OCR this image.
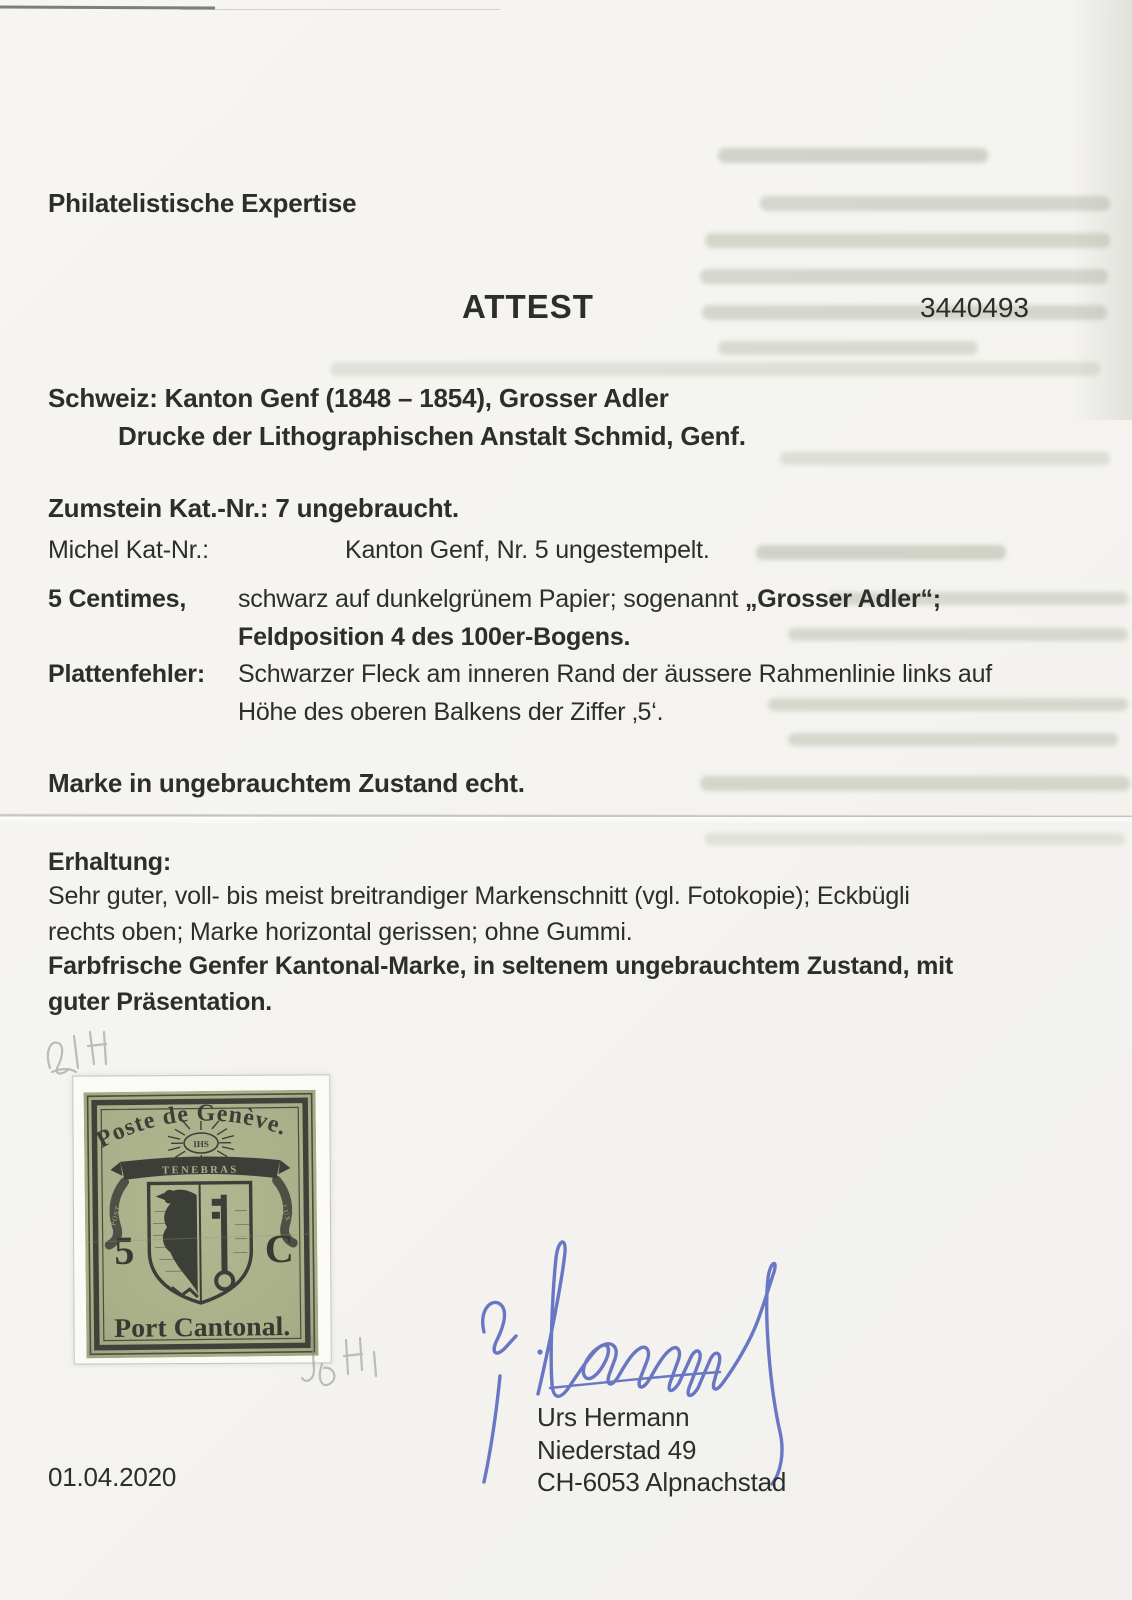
Philatelistische Expertise
ATTEST	3440493
Schweiz: Kanton Genf (1848 – 1854), Grosser Adler
Drucke der Lithographischen Anstalt Schmid, Genf.
Zumstein Kat.-Nr.: 7 ungebraucht.
Michel Kat-Nr.:	Kanton Genf, Nr. 5 ungestempelt.
5 Centimes, schwarz auf dunkelgrünem Papier; sogenannt „Grosser Adler“;
Feldposition 4 des 100er-Bogens.
Plattenfehler: Schwarzer Fleck am inneren Rand der äussere Rahmenlinie links auf
Höhe des oberen Balkens der Ziffer ‚5‘.
Marke in ungebrauchtem Zustand echt.
Erhaltung:
Sehr guter, voll- bis meist breitrandiger Markenschnitt (vgl. Fotokopie); Eckbügli
rechts oben; Marke horizontal gerissen; ohne Gummi.
Farbfrische Genfer Kantonal-Marke, in seltenem ungebrauchtem Zustand, mit
guter Präsentation.
Poste de Genève.
IHS
TENEBRAS
POST	LUX
5	C
Port Cantonal.
Urs Hermann
Niederstad 49
CH-6053 Alpnachstad
01.04.2020
